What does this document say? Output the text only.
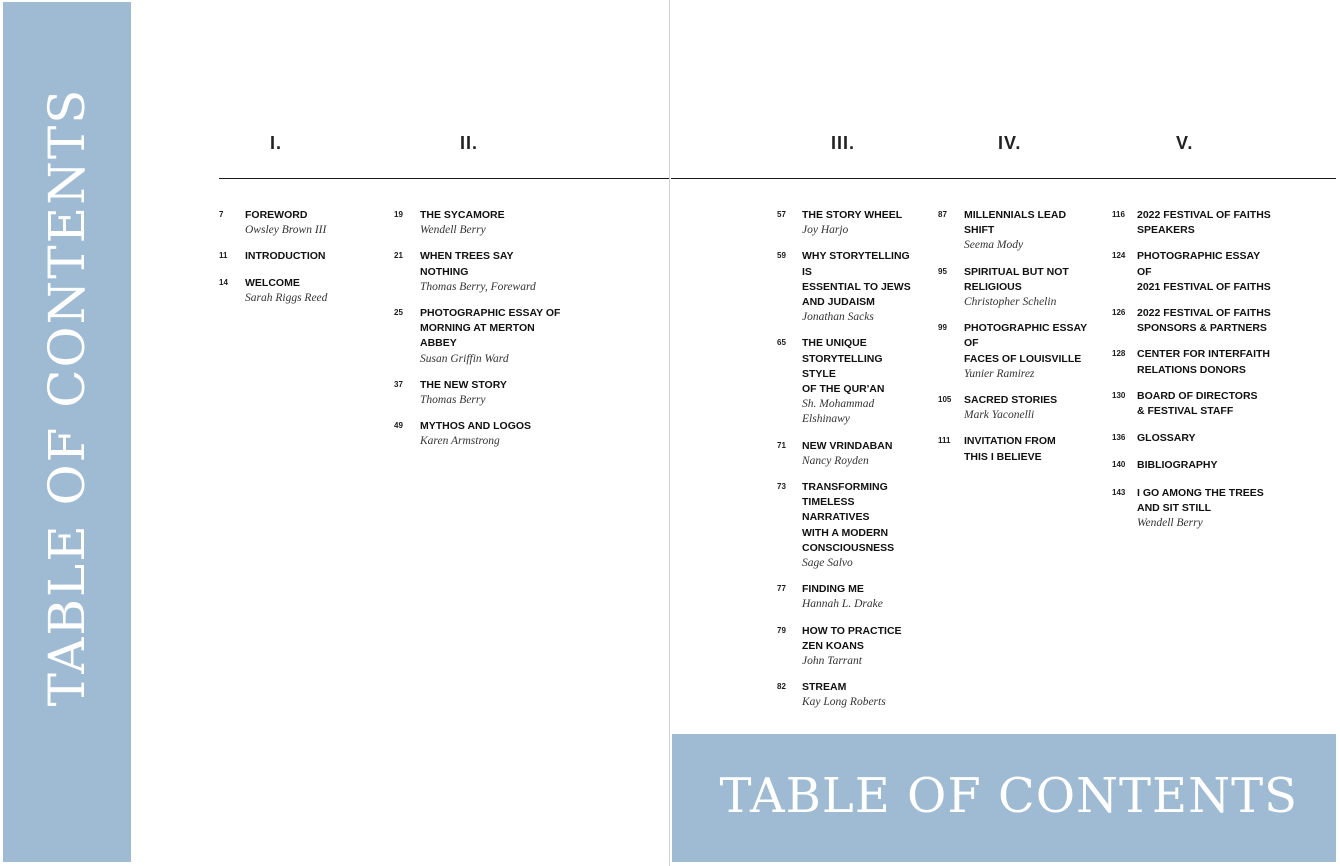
TABLE OF CONTENTS	I.	II.
7	FOREWORD
Owsley Brown III
11	INTRODUCTION
14	WELCOME
Sarah Riggs Reed
19	THE SYCAMORE
Wendell Berry
21	WHEN TREES SAY NOTHING
Thomas Berry, Foreward
25	PHOTOGRAPHIC ESSAY OF
MORNING AT MERTON
ABBEY
Susan Griffin Ward
37	THE NEW STORY
Thomas Berry
49	MYTHOS AND LOGOS
Karen Armstrong
III.	IV.	V.
57	THE STORY WHEEL
Joy Harjo
59	WHY STORYTELLING IS
ESSENTIAL TO JEWS
AND JUDAISM
Jonathan Sacks
65	THE UNIQUE
STORYTELLING STYLE
OF THE QUR'AN
Sh. Mohammad
Elshinawy
71	NEW VRINDABAN
Nancy Royden
73	TRANSFORMING
TIMELESS NARRATIVES
WITH A MODERN
CONSCIOUSNESS
Sage Salvo
77	FINDING ME
Hannah L. Drake
79	HOW TO PRACTICE
ZEN KOANS
John Tarrant
82	STREAM
Kay Long Roberts
87	MILLENNIALS LEAD SHIFT
Seema Mody
95	SPIRITUAL BUT NOT
RELIGIOUS
Christopher Schelin
99	PHOTOGRAPHIC ESSAY OF
FACES OF LOUISVILLE
Yunier Ramirez
105	SACRED STORIES
Mark Yaconelli
111	INVITATION FROM
THIS I BELIEVE
116	2022 FESTIVAL OF FAITHS
SPEAKERS
124	PHOTOGRAPHIC ESSAY OF
2021 FESTIVAL OF FAITHS
126	2022 FESTIVAL OF FAITHS
SPONSORS & PARTNERS
128	CENTER FOR INTERFAITH
RELATIONS DONORS
130	BOARD OF DIRECTORS
& FESTIVAL STAFF
136	GLOSSARY
140	BIBLIOGRAPHY
143	I GO AMONG THE TREES
AND SIT STILL
Wendell Berry
TABLE OF CONTENTS
